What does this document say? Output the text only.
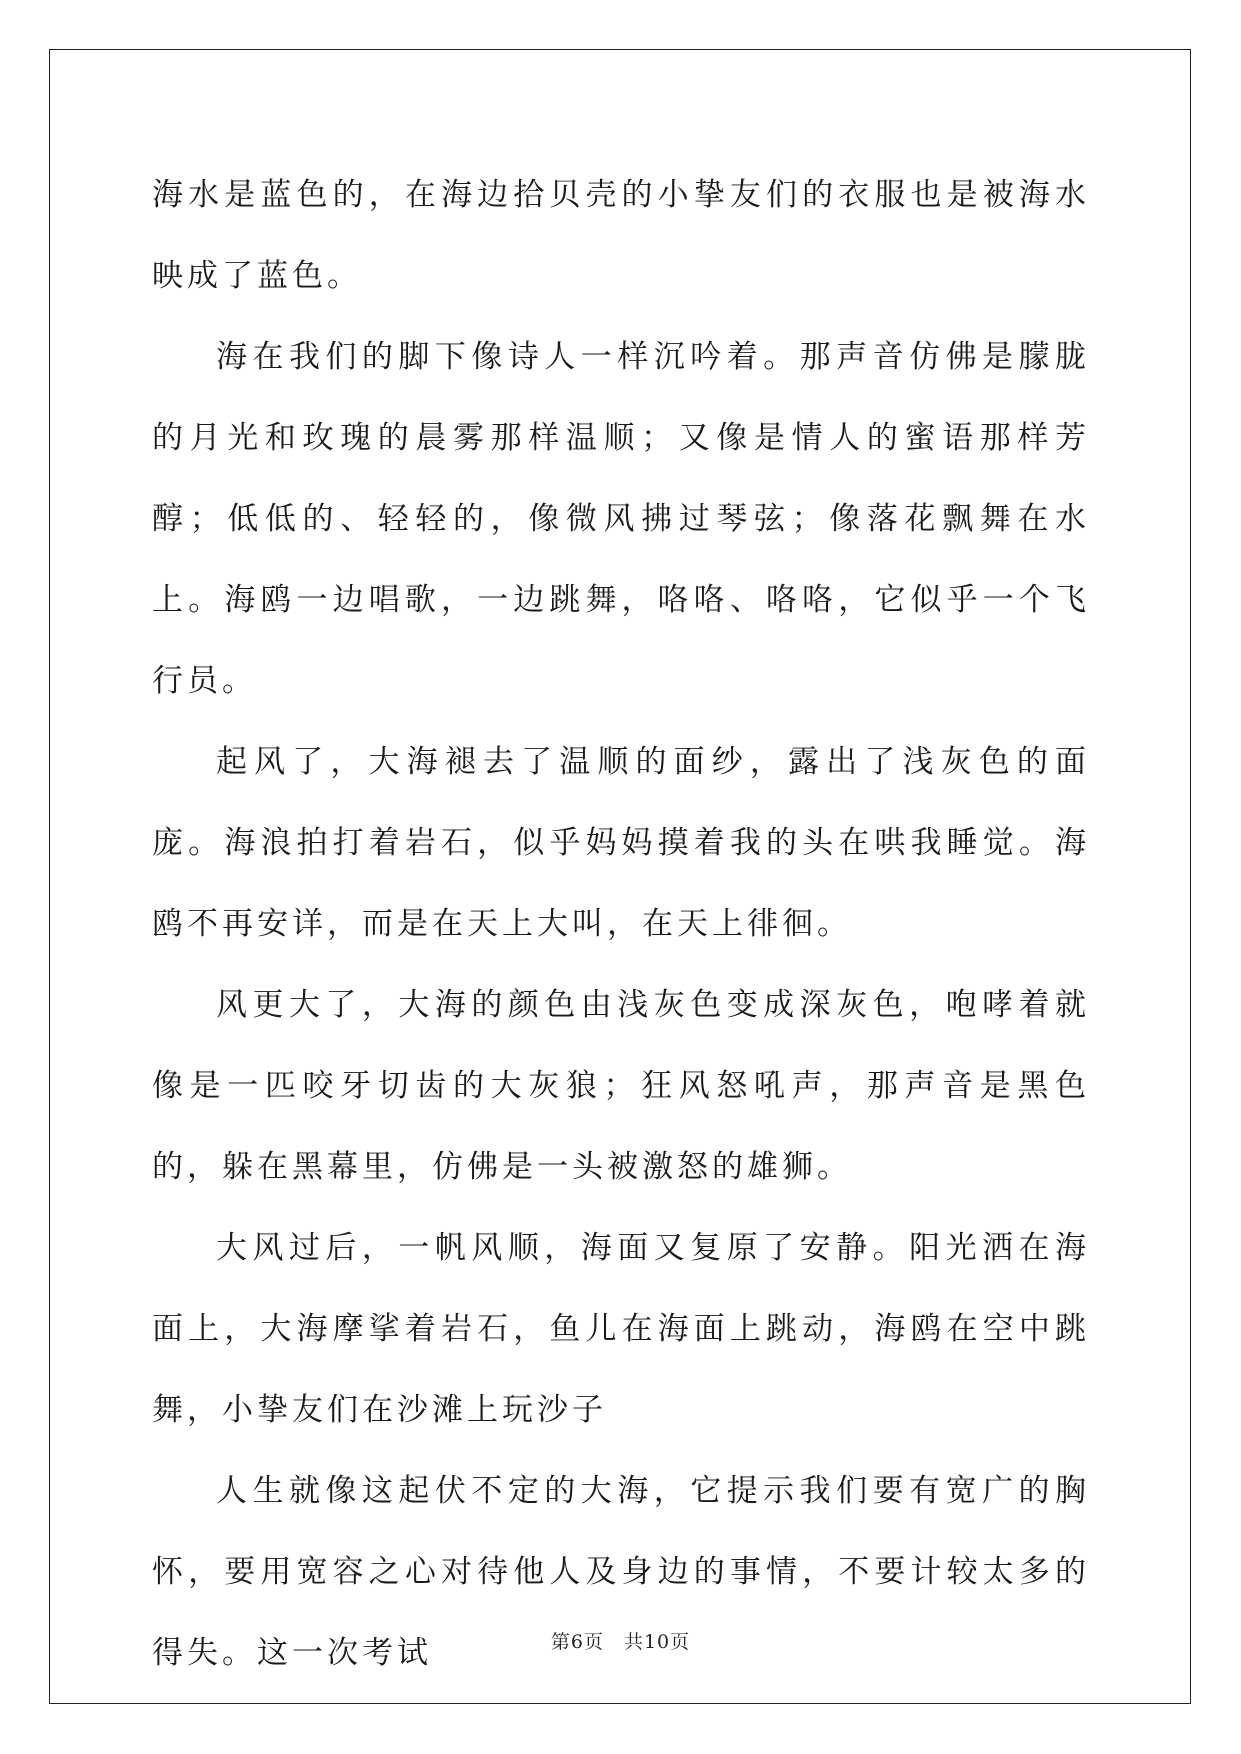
海水是蓝色的，在海边拾贝壳的小挚友们的衣服也是被海水映成了蓝色。

海在我们的脚下像诗人一样沉吟着。那声音仿佛是朦胧的月光和玫瑰的晨雾那样温顺；又像是情人的蜜语那样芳醇；低低的、轻轻的，像微风拂过琴弦；像落花飘舞在水上。海鸥一边唱歌，一边跳舞，咯咯、咯咯，它似乎一个飞行员。

起风了，大海褪去了温顺的面纱，露出了浅灰色的面庞。海浪拍打着岩石，似乎妈妈摸着我的头在哄我睡觉。海鸥不再安详，而是在天上大叫，在天上徘徊。

风更大了，大海的颜色由浅灰色变成深灰色，咆哮着就像是一匹咬牙切齿的大灰狼；狂风怒吼声，那声音是黑色的，躲在黑幕里，仿佛是一头被激怒的雄狮。

大风过后，一帆风顺，海面又复原了安静。阳光洒在海面上，大海摩挲着岩石，鱼儿在海面上跳动，海鸥在空中跳舞，小挚友们在沙滩上玩沙子

人生就像这起伏不定的大海，它提示我们要有宽广的胸怀，要用宽容之心对待他人及身边的事情，不要计较太多的得失。这一次考试	第6页　共10页
